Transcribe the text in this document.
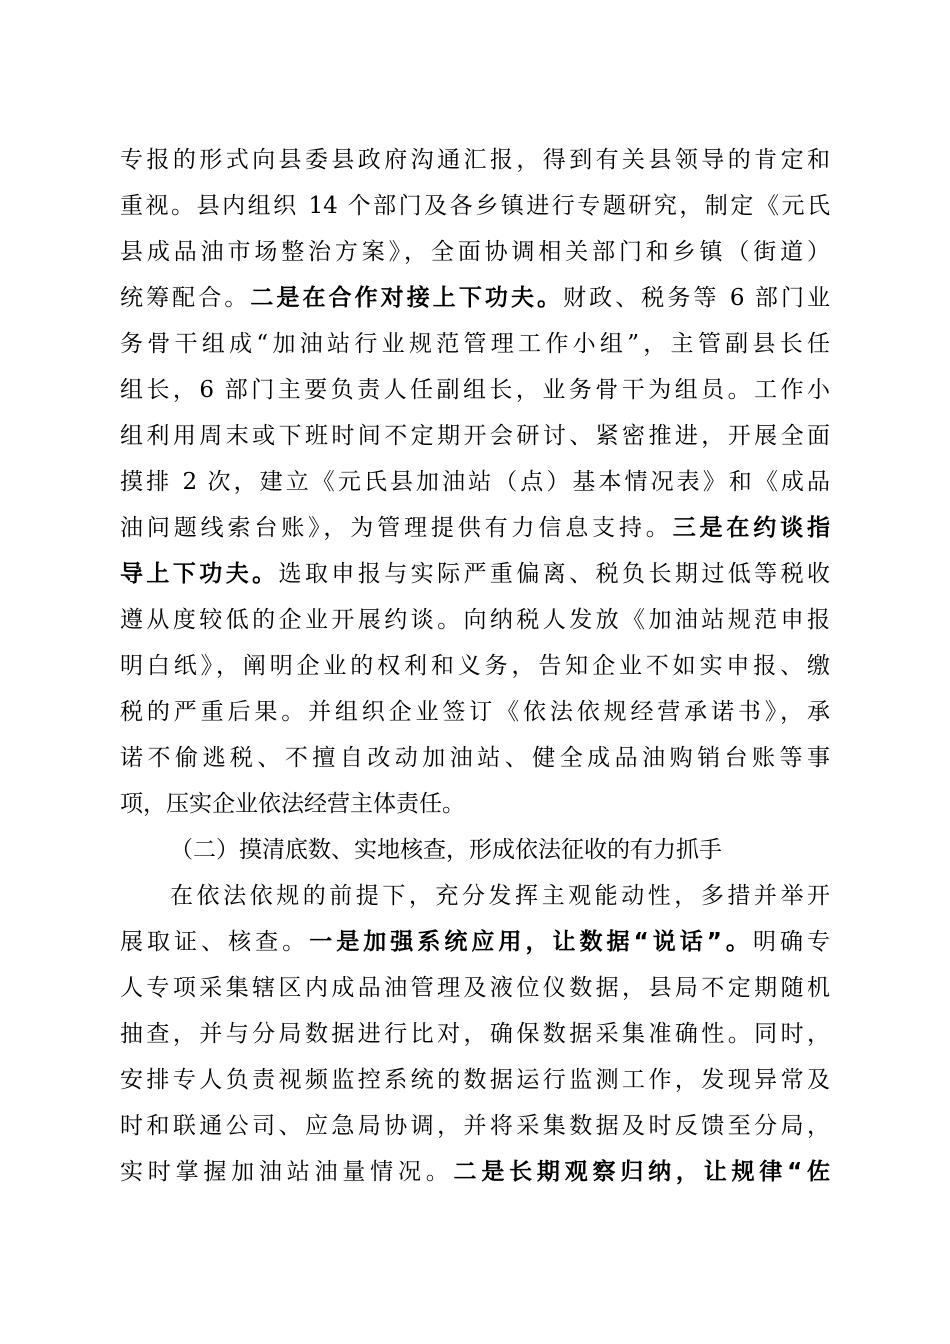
专报的形式向县委县政府沟通汇报，得到有关县领导的肯定和
重视。县内组织 14 个部门及各乡镇进行专题研究，制定《元氏
县成品油市场整治方案》，全面协调相关部门和乡镇（街道）
统筹配合。二是在合作对接上下功夫。财政、税务等 6 部门业
务骨干组成“加油站行业规范管理工作小组”，主管副县长任
组长，6 部门主要负责人任副组长，业务骨干为组员。工作小
组利用周末或下班时间不定期开会研讨、紧密推进，开展全面
摸排 2 次，建立《元氏县加油站（点）基本情况表》和《成品
油问题线索台账》，为管理提供有力信息支持。三是在约谈指
导上下功夫。选取申报与实际严重偏离、税负长期过低等税收
遵从度较低的企业开展约谈。向纳税人发放《加油站规范申报
明白纸》，阐明企业的权利和义务，告知企业不如实申报、缴
税的严重后果。并组织企业签订《依法依规经营承诺书》，承
诺不偷逃税、不擅自改动加油站、健全成品油购销台账等事
项，压实企业依法经营主体责任。
（二）摸清底数、实地核查，形成依法征收的有力抓手
在依法依规的前提下，充分发挥主观能动性，多措并举开
展取证、核查。一是加强系统应用，让数据“说话”。明确专
人专项采集辖区内成品油管理及液位仪数据，县局不定期随机
抽查，并与分局数据进行比对，确保数据采集准确性。同时，
安排专人负责视频监控系统的数据运行监测工作，发现异常及
时和联通公司、应急局协调，并将采集数据及时反馈至分局，
实时掌握加油站油量情况。二是长期观察归纳，让规律“佐
